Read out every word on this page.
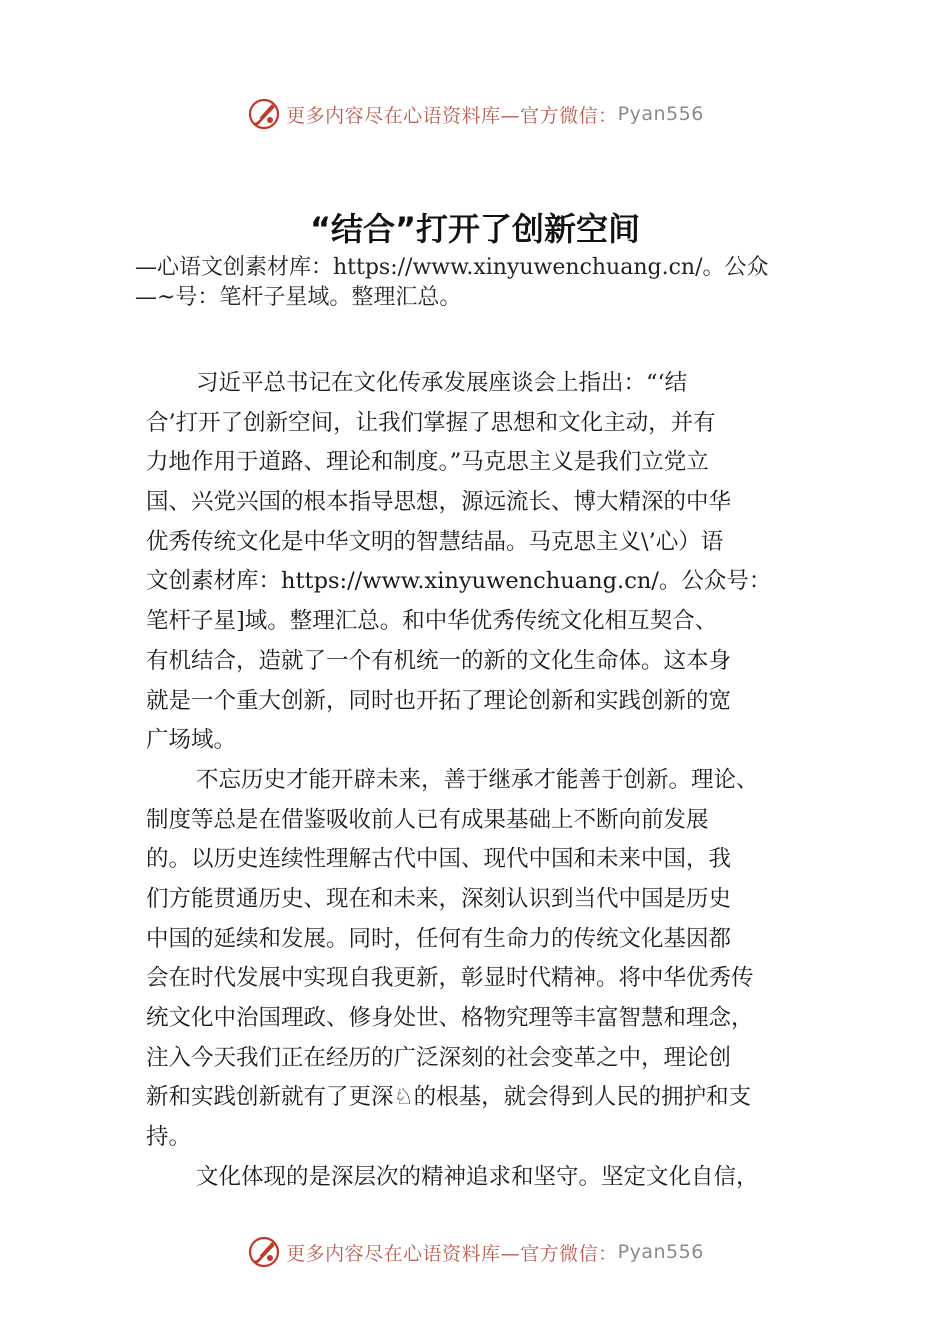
更多内容尽在心语资料库—官方微信： Pyan556
“结合”打开了创新空间
—心语文创素材库：https://www.xinyuwenchuang.cn/。公众
—~号：笔杆子星域。整理汇总。
习近平总书记在文化传承发展座谈会上指出：“‘结
合’打开了创新空间，让我们掌握了思想和文化主动，并有
力地作用于道路、理论和制度。”马克思主义是我们立党立
国、兴党兴国的根本指导思想，源远流长、博大精深的中华
优秀传统文化是中华文明的智慧结晶。马克思主义\’心）语
文创素材库：https://www.xinyuwenchuang.cn/。公众号：
笔杆子星]域。整理汇总。和中华优秀传统文化相互契合、
有机结合，造就了一个有机统一的新的文化生命体。这本身
就是一个重大创新，同时也开拓了理论创新和实践创新的宽
广场域。
不忘历史才能开辟未来，善于继承才能善于创新。理论、
制度等总是在借鉴吸收前人已有成果基础上不断向前发展
的。以历史连续性理解古代中国、现代中国和未来中国，我
们方能贯通历史、现在和未来，深刻认识到当代中国是历史
中国的延续和发展。同时，任何有生命力的传统文化基因都
会在时代发展中实现自我更新，彰显时代精神。将中华优秀传
统文化中治国理政、修身处世、格物究理等丰富智慧和理念，
注入今天我们正在经历的广泛深刻的社会变革之中，理论创
新和实践创新就有了更深♘的根基，就会得到人民的拥护和支
持。
文化体现的是深层次的精神追求和坚守。坚定文化自信，
更多内容尽在心语资料库—官方微信： Pyan556
